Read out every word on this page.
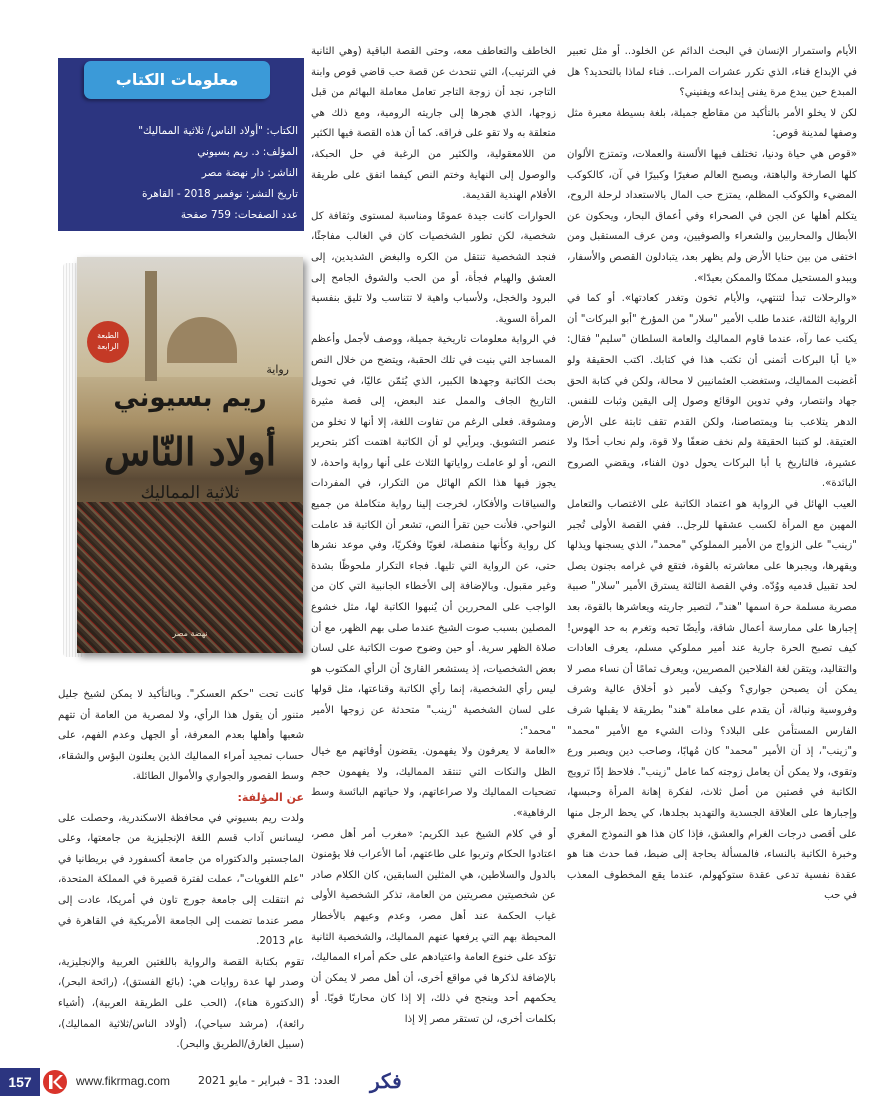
الأيام واستمرار الإنسان في البحث الدائم عن الخلود.. أو مثل تعبير في الإبداع فناء، الذي تكرر عشرات المرات.. فناء لماذا بالتحديد؟ هل المبدع حين يبدع مرة يفنى إبداعه ويفنيني؟

لكن لا يخلو الأمر بالتأكيد من مقاطع جميلة، بلغة بسيطة معبرة مثل وصفها لمدينة قوص:

«قوص هي حياة ودنيا، تختلف فيها الألسنة والعملات، وتمتزج الألوان كلها الصارخة والباهتة، ويصبح العالم صغيرًا وكبيرًا في آن، كالكوكب المضيء والكوكب المظلم، يمتزج حب المال بالاستعداد لرحلة الروح، يتكلم أهلها عن الجن في الصحراء وفي أعماق البحار، ويحكون عن الأبطال والمحاربين والشعراء والصوفيين، ومن عرف المستقبل ومن اختفى من بين حنايا الأرض ولم يظهر بعد، يتبادلون القصص والأسفار، ويبدو المستحيل ممكنًا والممكن بعيدًا».

«والرحلات تبدأ لتنتهي، والأيام تخون وتغدر كعادتها». أو كما في الرواية الثالثة، عندما طلب الأمير "سلار" من المؤرخ "أبو البركات" أن يكتب عما رآه، عندما قاوم المماليك والعامة السلطان "سليم" فقال: «يا أبا البركات أتمنى أن تكتب هذا في كتابك. اكتب الحقيقة ولو أغضبت المماليك، وستغضب العثمانيين لا محالة، ولكن في كتابة الحق جهاد وانتصار، وفي تدوين الوقائع وصول إلى اليقين وثبات للنفس. الدهر يتلاعب بنا ويمتصاصنا، ولكن القدم تقف ثابتة على الأرض العتيقة. لو كتبنا الحقيقة ولم نخف ضعفًا ولا قوة، ولم نحاب أحدًا ولا عشيرة، فالتاريخ يا أبا البركات يحول دون الفناء، ويقضي الصروح البائدة».

العيب الهائل في الرواية هو اعتماد الكاتبة على الاغتصاب والتعامل المهين مع المرأة لكسب عشقها للرجل.. ففي القصة الأولى تُجبر "زينب" على الزواج من الأمير المملوكي "محمد"، الذي يسجنها ويذلها ويقهرها، ويجبرها على معاشرته بالقوة، فتقع في غرامه بجنون يصل لحد تقبيل قدميه ووُدّه. وفي القصة الثالثة يسترق الأمير "سلار" صبية مصرية مسلمة حرة اسمها "هند"، لتصير جاريته ويعاشرها بالقوة، بعد إجبارها على ممارسة أعمال شاقة، وأيضًا تحبه وتغرم به حد الهوس! كيف تصبح الحرة جارية عند أمير مملوكي مسلم، يعرف العادات والتقاليد، ويتقن لغة الفلاحين المصريين، ويعرف تمامًا أن نساء مصر لا يمكن أن يصبحن جواري؟ وكيف لأمير ذو أخلاق عالية وشرف وفروسية ونبالة، أن يقدم على معاملة "هند" بطريقة لا يقبلها شرف الفارس المستأمن على البلاد؟ وذات الشيء مع الأمير "محمد" و"زينب"، إذ أن الأمير "محمد" كان مُهابًا، وصاحب دين ويصبر ورع وتقوى، ولا يمكن أن يعامل زوجته كما عامل "زينب". فلاحظ إذًا ترويج الكاتبة في قصتين من أصل ثلاث، لفكرة إهانة المرأة وحبسها، وإجبارها على العلاقة الجسدية والتهديد بجلدها، كي يحظ الرجل منها على أقصى درجات الغرام والعشق، فإذا كان هذا هو النموذج المغري وخبرة الكاتبة بالنساء، فالمسألة بحاجة إلى ضبط، فما حدث هنا هو عقدة نفسية تدعى عقدة ستوكهولم، عندما يقع المخطوف المعذب في حب

الخاطف والتعاطف معه، وحتى القصة الباقية (وهي الثانية في الترتيب)، التي تتحدث عن قصة حب قاضي قوص وابنة التاجر، نجد أن زوجة التاجر تعامل معاملة البهائم من قبل زوجها، الذي هجرها إلى جاريته الرومية، ومع ذلك هي متعلقة به ولا تقو على فراقه. كما أن هذه القصة فيها الكثير من اللامعقولية، والكثير من الرغبة في حل الحبكة، والوصول إلى النهاية وختم النص كيفما اتفق على طريقة الأفلام الهندية القديمة.

الحوارات كانت جيدة عمومًا ومناسبة لمستوى وثقافة كل شخصية، لكن تطور الشخصيات كان في الغالب مفاجئًا، فنجد الشخصية تنتقل من الكره والبغض الشديدين، إلى العشق والهيام فجأة، أو من الحب والشوق الجامح إلى البرود والخجل، ولأسباب واهية لا تتناسب ولا تليق بنفسية المرأة السوية.

في الرواية معلومات تاريخية جميلة، ووصف لأجمل وأعظم المساجد التي بنيت في تلك الحقبة، ويتضح من خلال النص بحث الكاتبة وجهدها الكبير، الذي يُثمّن عاليًا، في تحويل التاريخ الجاف والممل عند البعض، إلى قصة مثيرة ومشوقة. فعلى الرغم من تفاوت اللغة، إلا أنها لا تخلو من عنصر التشويق. ويرأيي لو أن الكاتبة اهتمت أكثر بتحرير النص، أو لو عاملت رواياتها الثلاث على أنها رواية واحدة، لا يجوز فيها هذا الكم الهائل من التكرار، في المفردات والسياقات والأفكار، لخرجت إلينا رواية متكاملة من جميع النواحي. فلأنت حين تقرأ النص، تشعر أن الكاتبة قد عاملت كل رواية وكأنها منفصلة، لغويًا وفكريًا، وفي موعد نشرها حتى، عن الرواية التي تليها. فجاء التكرار ملحوظًا بشدة وغير مقبول. وبالإضافة إلى الأخطاء الجانبية التي كان من الواجب على المحررين أن يُنبهوا الكاتبة لها، مثل خشوع المصلين بسبب صوت الشيخ عندما صلى بهم الظهر، مع أن صلاة الظهر سرية. أو حين وضوح صوت الكاتبة على لسان بعض الشخصيات، إذ يستشعر القارئ أن الرأي المكتوب هو ليس رأي الشخصية، إنما رأي الكاتبة وقناعتها، مثل قولها على لسان الشخصية "زينب" متحدثة عن زوجها الأمير "محمد":

«العامة لا يعرفون ولا يفهمون. يقضون أوقاتهم مع خيال الظل والنكات التي تنتقد المماليك، ولا يفهمون حجم تضحيات المماليك ولا صراعاتهم، ولا حياتهم البائسة وسط الرفاهية».

أو في كلام الشيخ عبد الكريم: «مغرب أمر أهل مصر، اعتادوا الحكام وتربوا على طاعتهم، أما الأعراب فلا يؤمنون بالدول والسلاطين، هي المثلين السابقين، كان الكلام صادر عن شخصيتين مصريتين من العامة، تذكر الشخصية الأولى غياب الحكمة عند أهل مصر، وعدم وعيهم بالأخطار المحيطة بهم التي يرفعها عنهم المماليك، والشخصية الثانية تؤكد على خنوع العامة واعتيادهم على حكم أمراء المماليك، بالإضافة لذكرها في مواقع أخرى، أن أهل مصر لا يمكن أن يحكمهم أحد وينجح في ذلك، إلا إذا كان محاربًا قويًا. أو بكلمات أخرى، لن تستقر مصر إلا إذا

معلومات الكتاب
الكتاب: "أولاد الناس/ ثلاثية المماليك"
المؤلف: د. ريم بسيوني
الناشر: دار نهضة مصر
تاريخ النشر: نوفمبر 2018 - القاهرة
عدد الصفحات: 759 صفحة
الطبعة الرابعة
رواية
ريم بسيوني
أولاد النّاس
ثلاثية المماليك
نهضة مصر

كانت تحت "حكم العسكر". وبالتأكيد لا يمكن لشيخ جليل متنور أن يقول هذا الرأي، ولا لمصرية من العامة أن تتهم شعبها وأهلها بعدم المعرفة، أو الجهل وعدم الفهم، على حساب تمجيد أمراء المماليك الذين يعلنون البؤس والشقاء، وسط القصور والجواري والأموال الطائلة.

عن المؤلفة:

ولدت ريم بسيوني في محافظة الاسكندرية، وحصلت على ليسانس آداب قسم اللغة الإنجليزية من جامعتها، وعلى الماجستير والدكتوراه من جامعة أكسفورد في بريطانيا في "علم اللغويات"، عملت لفترة قصيرة في المملكة المتحدة، ثم انتقلت إلى جامعة جورج تاون في أمريكا، عادت إلى مصر عندما تضمت إلى الجامعة الأمريكية في القاهرة في عام 2013.

تقوم بكتابة القصة والرواية باللغتين العربية والإنجليزية، وصدر لها عدة روايات هي: (بائع الفستق)، (رائحة البحر)، (الدكتورة هناء)، (الحب على الطريقة العربية)، (أشياء رائعة)، (مرشد سياحي)، (أولاد الناس/ثلاثية المماليك)، (سبيل الغارق/الطريق والبحر).

157	www.fikrmag.com	العدد: 31 - فبراير - مايو 2021 فكر
